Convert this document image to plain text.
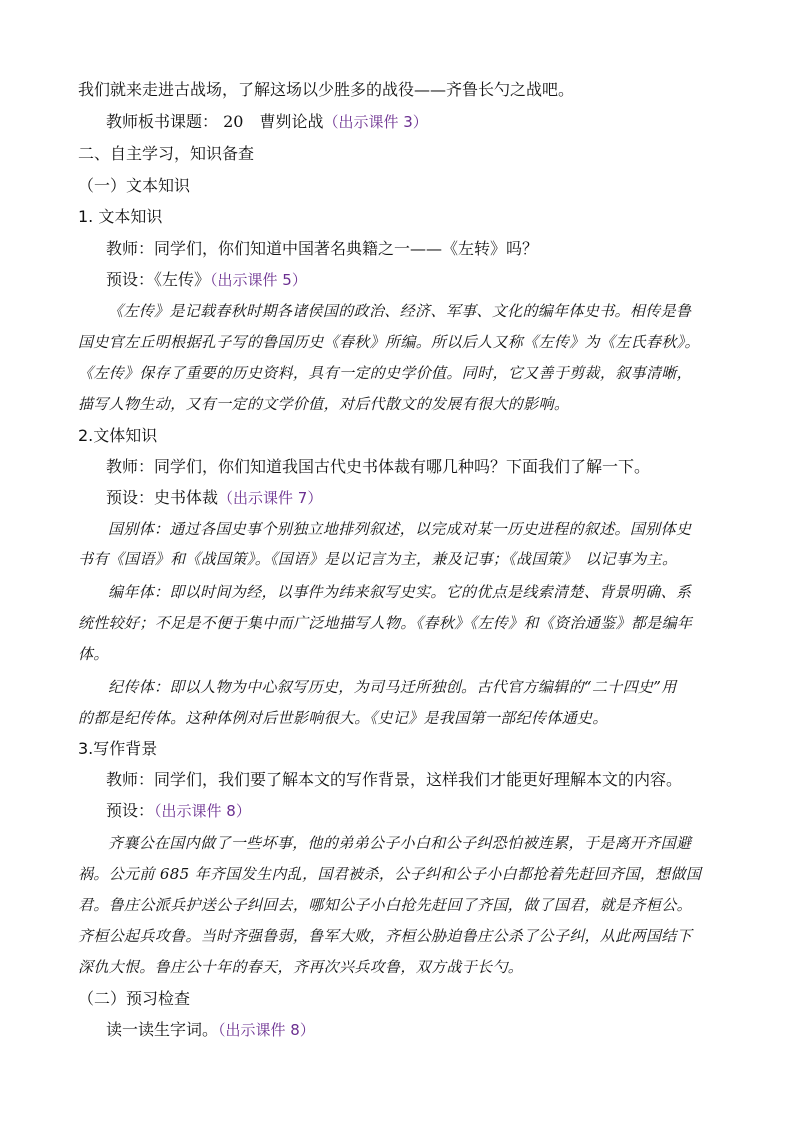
我们就来走进古战场，了解这场以少胜多的战役——齐鲁长勺之战吧。
教师板书课题： 20　曹刿论战（出示课件 3）
二、自主学习，知识备查
（一）文本知识
1. 文本知识
教师：同学们，你们知道中国著名典籍之一——《左转》吗？
预设：《左传》（出示课件 5）
《左传》是记载春秋时期各诸侯国的政治、经济、军事、文化的编年体史书。相传是鲁
国史官左丘明根据孔子写的鲁国历史《春秋》所编。所以后人又称《左传》为《左氏春秋》。
《左传》保存了重要的历史资料，具有一定的史学价值。同时，它又善于剪裁，叙事清晰，
描写人物生动，又有一定的文学价值，对后代散文的发展有很大的影响。
2.文体知识
教师：同学们，你们知道我国古代史书体裁有哪几种吗？下面我们了解一下。
预设：史书体裁（出示课件 7）
国别体：通过各国史事个别独立地排列叙述，以完成对某一历史进程的叙述。国别体史
书有《国语》和《战国策》。《国语》是以记言为主，兼及记事；《战国策》　以记事为主。
编年体：即以时间为经，以事件为纬来叙写史实。它的优点是线索清楚、背景明确、系
统性较好；不足是不便于集中而广泛地描写人物。《春秋》《左传》和《资治通鉴》都是编年
体。
纪传体：即以人物为中心叙写历史，为司马迁所独创。古代官方编辑的“二十四史”用
的都是纪传体。这种体例对后世影响很大。《史记》是我国第一部纪传体通史。
3.写作背景
教师：同学们，我们要了解本文的写作背景，这样我们才能更好理解本文的内容。
预设：（出示课件 8）
齐襄公在国内做了一些坏事，他的弟弟公子小白和公子纠恐怕被连累，于是离开齐国避
祸。公元前 685 年齐国发生内乱，国君被杀，公子纠和公子小白都抢着先赶回齐国，想做国
君。鲁庄公派兵护送公子纠回去，哪知公子小白抢先赶回了齐国，做了国君，就是齐桓公。
齐桓公起兵攻鲁。当时齐强鲁弱，鲁军大败，齐桓公胁迫鲁庄公杀了公子纠，从此两国结下
深仇大恨。鲁庄公十年的春天，齐再次兴兵攻鲁，双方战于长勺。
（二）预习检查
读一读生字词。（出示课件 8）
